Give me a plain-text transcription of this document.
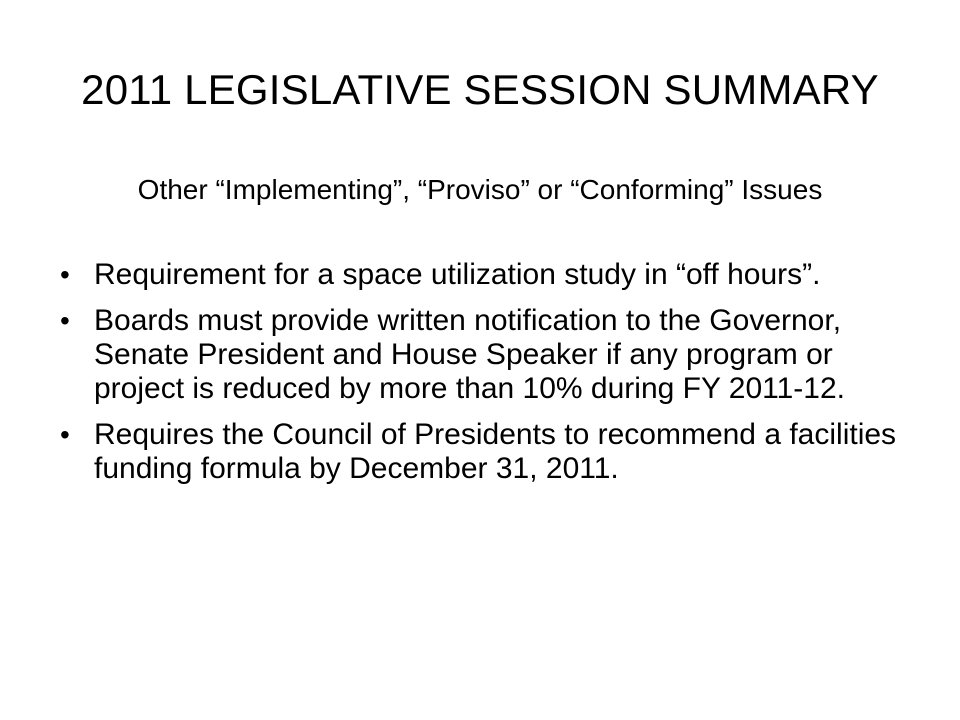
2011 LEGISLATIVE SESSION SUMMARY

Other “Implementing”, “Proviso” or “Conforming” Issues

• Requirement for a space utilization study in “off hours”.
• Boards must provide written notification to the Governor, Senate President and House Speaker if any program or project is reduced by more than 10% during FY 2011-12.
• Requires the Council of Presidents to recommend a facilities funding formula by December 31, 2011.
